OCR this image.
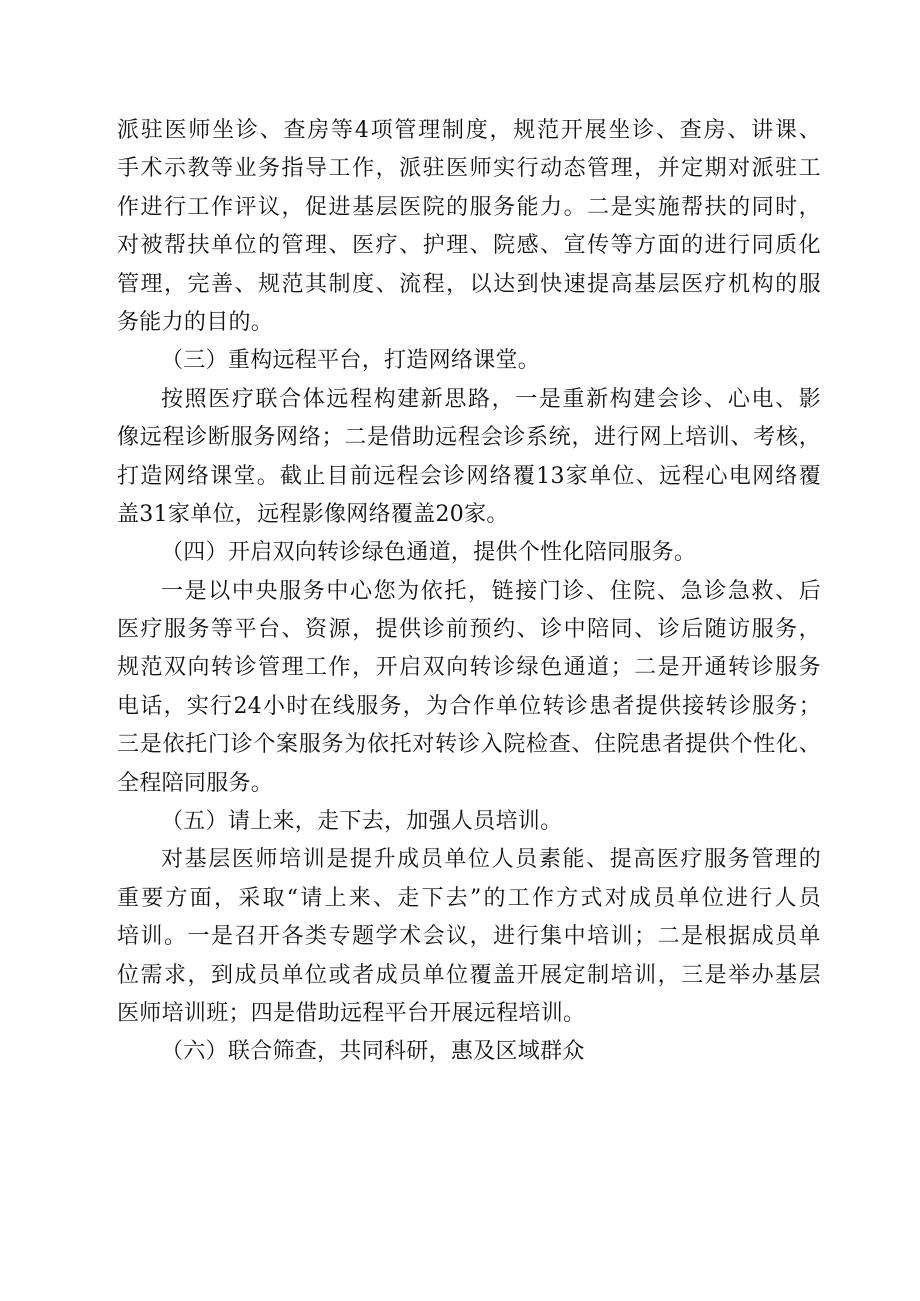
派驻医师坐诊、查房等4项管理制度，规范开展坐诊、查房、讲课、
手术示教等业务指导工作，派驻医师实行动态管理，并定期对派驻工
作进行工作评议，促进基层医院的服务能力。二是实施帮扶的同时，
对被帮扶单位的管理、医疗、护理、院感、宣传等方面的进行同质化
管理，完善、规范其制度、流程，以达到快速提高基层医疗机构的服
务能力的目的。
（三）重构远程平台，打造网络课堂。
按照医疗联合体远程构建新思路，一是重新构建会诊、心电、影
像远程诊断服务网络；二是借助远程会诊系统，进行网上培训、考核，
打造网络课堂。截止目前远程会诊网络覆13家单位、远程心电网络覆
盖31家单位，远程影像网络覆盖20家。
（四）开启双向转诊绿色通道，提供个性化陪同服务。
一是以中央服务中心您为依托，链接门诊、住院、急诊急救、后
医疗服务等平台、资源，提供诊前预约、诊中陪同、诊后随访服务，
规范双向转诊管理工作，开启双向转诊绿色通道；二是开通转诊服务
电话，实行24小时在线服务，为合作单位转诊患者提供接转诊服务；
三是依托门诊个案服务为依托对转诊入院检查、住院患者提供个性化、
全程陪同服务。
（五）请上来，走下去，加强人员培训。
对基层医师培训是提升成员单位人员素能、提高医疗服务管理的
重要方面，采取“请上来、走下去”的工作方式对成员单位进行人员
培训。一是召开各类专题学术会议，进行集中培训；二是根据成员单
位需求，到成员单位或者成员单位覆盖开展定制培训，三是举办基层
医师培训班；四是借助远程平台开展远程培训。
（六）联合筛查，共同科研，惠及区域群众
